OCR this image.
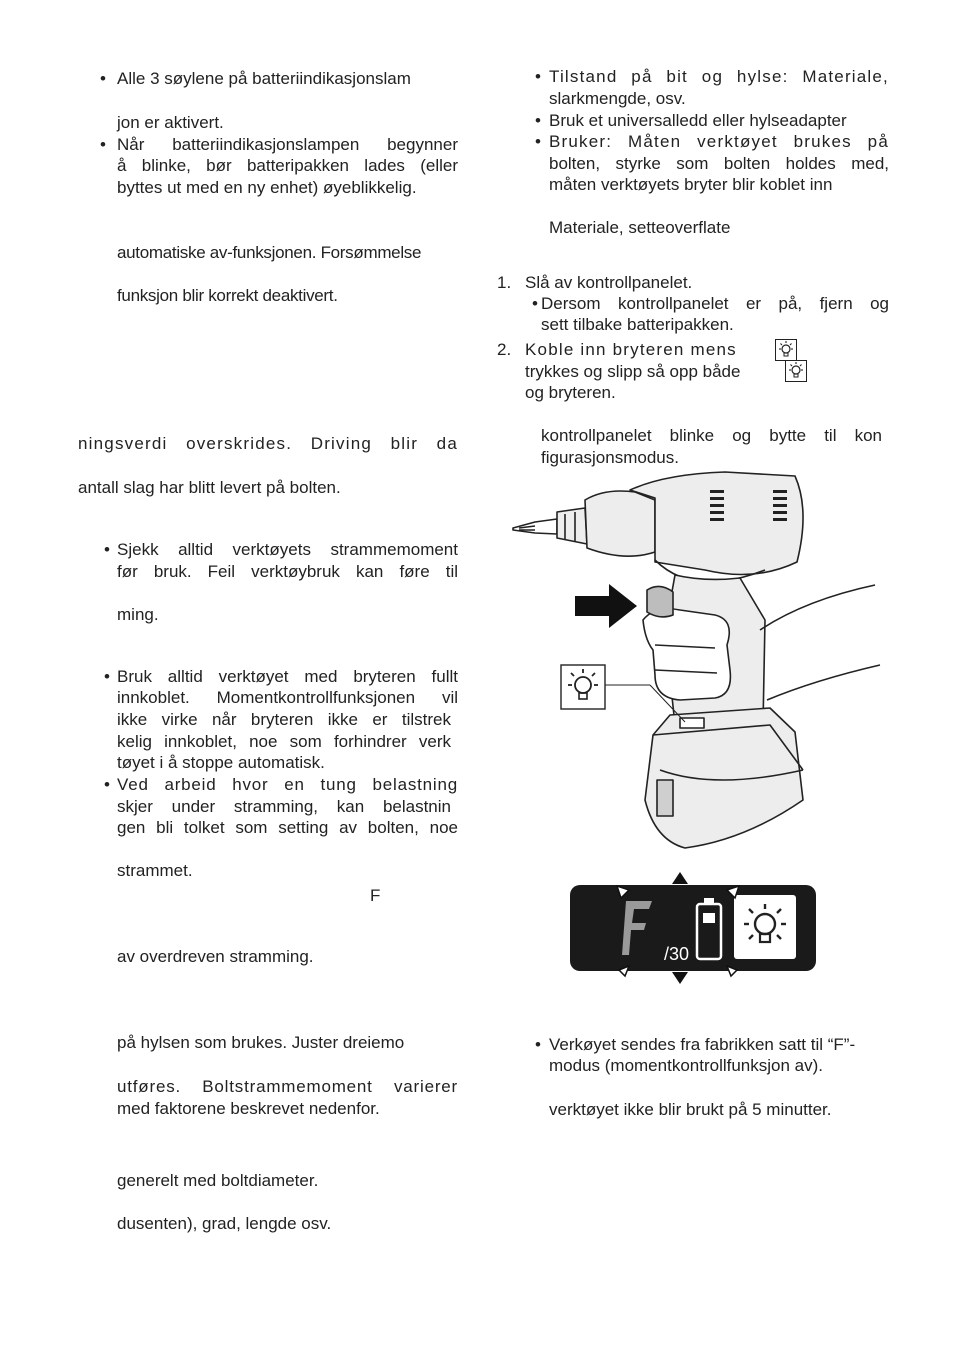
• Alle 3 søylene på batteriindikasjonslam
jon er aktivert.
• Når batteriindikasjonslampen begynner
å blinke, bør batteripakken lades (eller
byttes ut med en ny enhet) øyeblikkelig.
automatiske av-funksjonen. Forsømmelse
funksjon blir korrekt deaktivert.
ningsverdi overskrides. Driving blir da
antall slag har blitt levert på bolten.
• Sjekk alltid verktøyets strammemoment
før bruk. Feil verktøybruk kan føre til
ming.
• Bruk alltid verktøyet med bryteren fullt
innkoblet. Momentkontrollfunksjonen vil
ikke virke når bryteren ikke er tilstrek
kelig innkoblet, noe som forhindrer verk
tøyet i å stoppe automatisk.
• Ved arbeid hvor en tung belastning
skjer under stramming, kan belastnin
gen bli tolket som setting av bolten, noe
strammet.
av overdreven stramming.
på hylsen som brukes. Juster dreiemo
utføres. Boltstrammemoment varierer
med faktorene beskrevet nedenfor.
generelt med boltdiameter.
dusenten), grad, lengde osv.
• Tilstand på bit og hylse: Materiale,
slarkmengde, osv.
• Bruk et universalledd eller hylseadapter
• Bruker: Måten verktøyet brukes på
bolten, styrke som bolten holdes med,
måten verktøyets bryter blir koblet inn
Materiale, setteoverflate
1. Slå av kontrollpanelet.
• Dersom kontrollpanelet er på, fjern og
sett tilbake batteripakken.
2. Koble inn bryteren mens
trykkes og slipp så opp både
og bryteren.
kontrollpanelet blinke og bytte til kon
figurasjonsmodus.
F
/30
• Verkøyet sendes fra fabrikken satt til “F”-
modus (momentkontrollfunksjon av).
verktøyet ikke blir brukt på 5 minutter.
